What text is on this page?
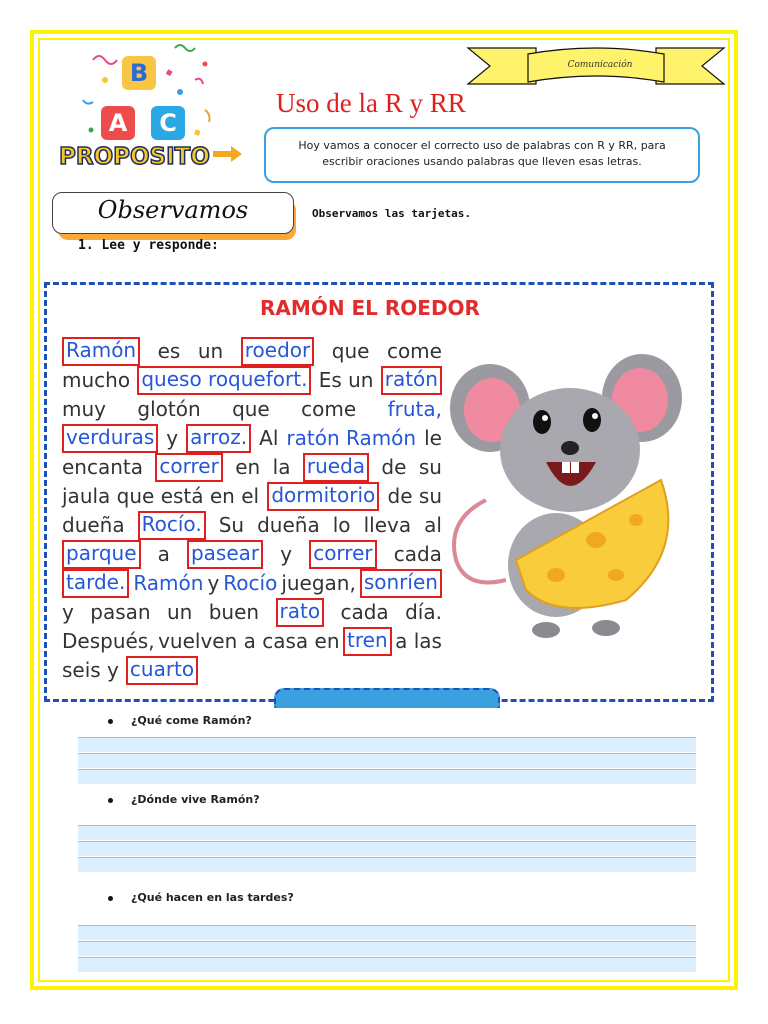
B
A	C
PROPOSITO
Comunicación
Uso de la R y RR
Hoy vamos a conocer el correcto uso de palabras con R y RR, para
escribir oraciones usando palabras que lleven esas letras.
Observamos	Observamos las tarjetas.
1. Lee y responde:
RAMÓN EL ROEDOR
Ramón es un roedor que come
mucho queso roquefort. Es un ratón
muy glotón que come fruta,
verduras y arroz. Al ratón Ramón le
encanta correr en la rueda de su
jaula que está en el dormitorio de su
dueña Rocío. Su dueña lo lleva al
parque a pasear y correr cada
tarde. Ramón y Rocío juegan, sonríen
y pasan un buen rato cada día.
Después, vuelven a casa en tren a las
seis y cuarto
¿Qué come Ramón?
¿Dónde vive Ramón?
¿Qué hacen en las tardes?
